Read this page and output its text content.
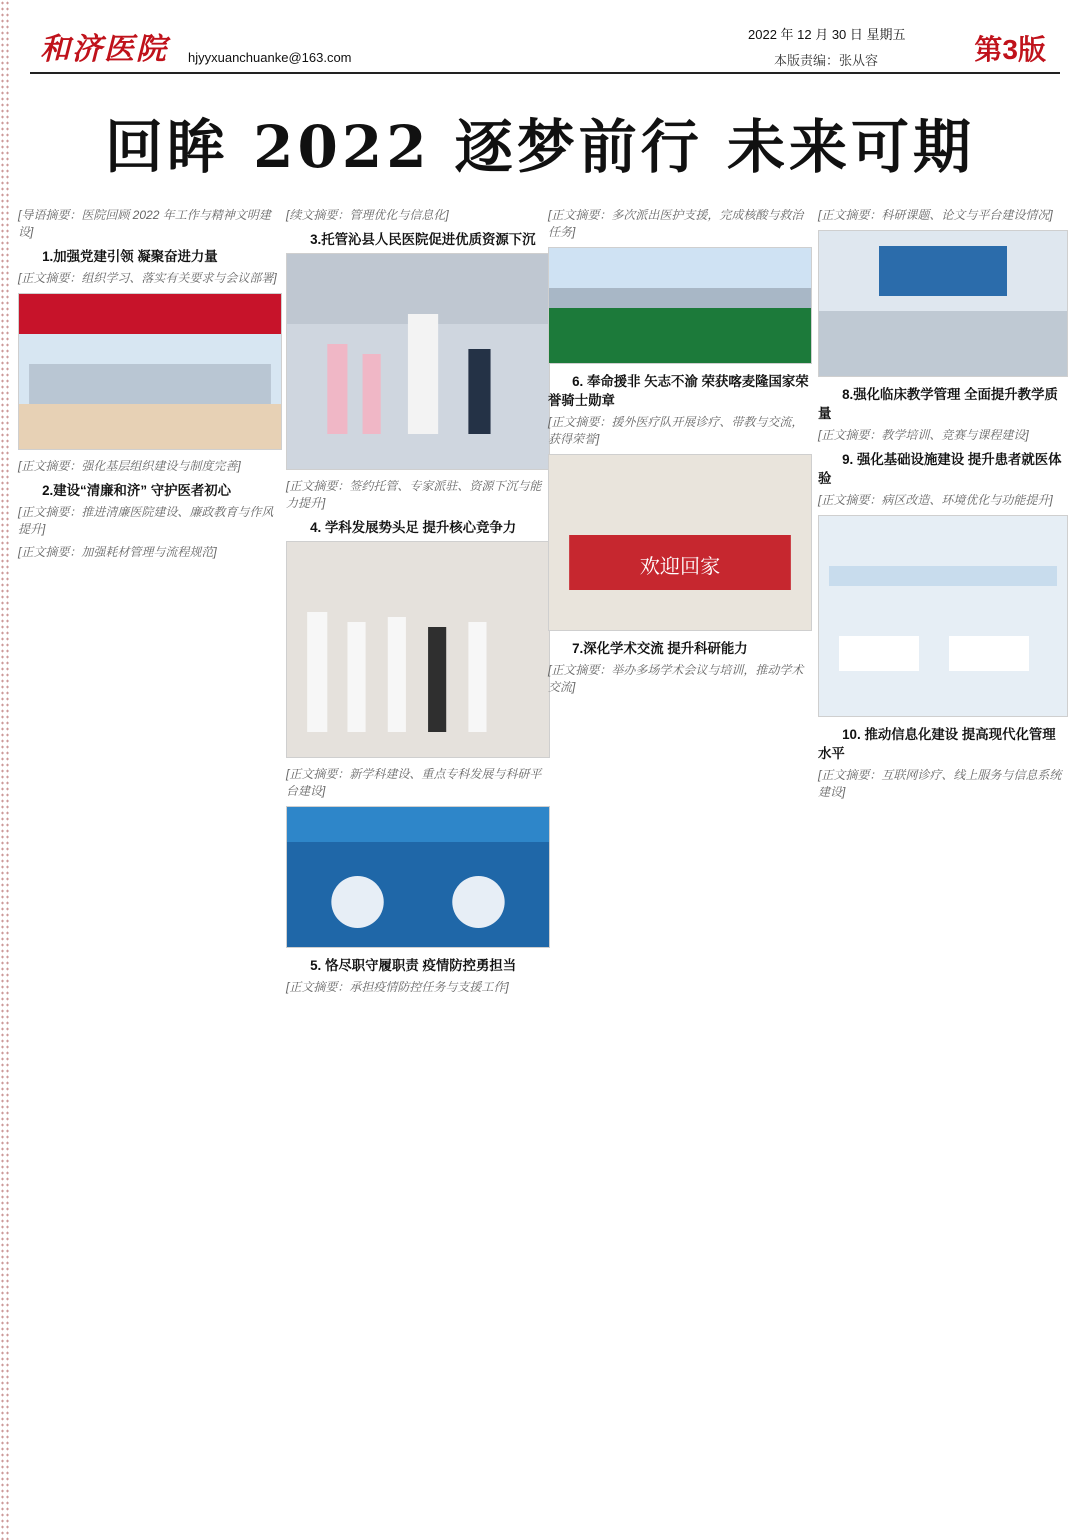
和济医院 hjyyxuanchuanke@163.com
2022 年 12 月 30 日 星期五
本版责编：张从容	第3版
回眸 2022 逐梦前行 未来可期

[导语摘要：医院回顾 2022 年工作与精神文明建设]

1.加强党建引领 凝聚奋进力量

[正文摘要：组织学习、落实有关要求与会议部署]

[正文摘要：强化基层组织建设与制度完善]

2.建设“清廉和济” 守护医者初心

[正文摘要：推进清廉医院建设、廉政教育与作风提升]

[正文摘要：加强耗材管理与流程规范]

[续文摘要：管理优化与信息化]

3.托管沁县人民医院促进优质资源下沉

[正文摘要：签约托管、专家派驻、资源下沉与能力提升]

4. 学科发展势头足 提升核心竞争力

[正文摘要：新学科建设、重点专科发展与科研平台建设]

5. 恪尽职守履职责 疫情防控勇担当

[正文摘要：承担疫情防控任务与支援工作]

[正文摘要：多次派出医护支援，完成核酸与救治任务]

6. 奉命援非 矢志不渝 荣获喀麦隆国家荣誉骑士勋章

[正文摘要：援外医疗队开展诊疗、带教与交流，获得荣誉]

欢迎回家
7.深化学术交流 提升科研能力

[正文摘要：举办多场学术会议与培训，推动学术交流]

[正文摘要：科研课题、论文与平台建设情况]

8.强化临床教学管理 全面提升教学质量

[正文摘要：教学培训、竞赛与课程建设]

9. 强化基础设施建设 提升患者就医体验

[正文摘要：病区改造、环境优化与功能提升]

10. 推动信息化建设 提高现代化管理水平

[正文摘要：互联网诊疗、线上服务与信息系统建设]
